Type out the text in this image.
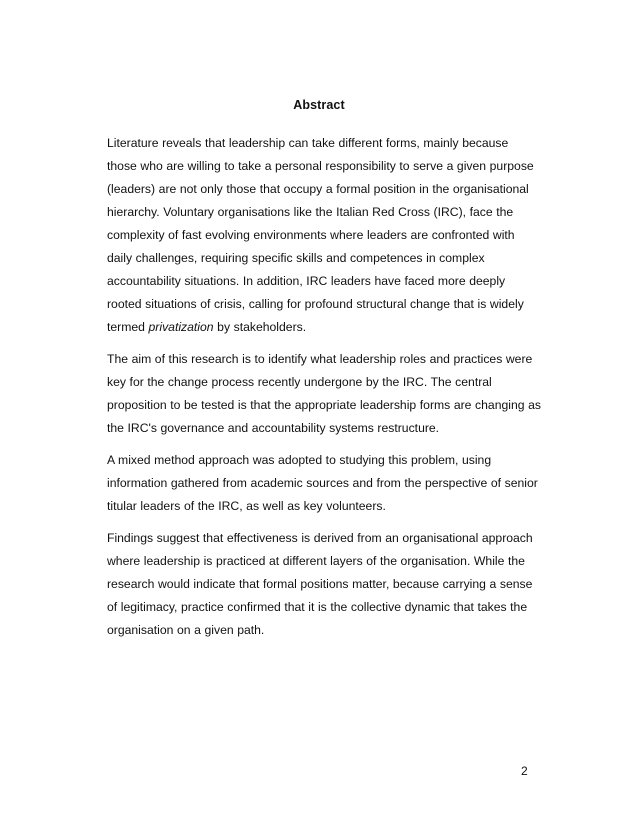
Abstract

Literature reveals that leadership can take different forms, mainly because
those who are willing to take a personal responsibility to serve a given purpose
(leaders) are not only those that occupy a formal position in the organisational
hierarchy. Voluntary organisations like the Italian Red Cross (IRC), face the
complexity of fast evolving environments where leaders are confronted with
daily challenges, requiring specific skills and competences in complex
accountability situations. In addition, IRC leaders have faced more deeply
rooted situations of crisis, calling for profound structural change that is widely
termed privatization by stakeholders.

The aim of this research is to identify what leadership roles and practices were
key for the change process recently undergone by the IRC. The central
proposition to be tested is that the appropriate leadership forms are changing as
the IRC's governance and accountability systems restructure.

A mixed method approach was adopted to studying this problem, using
information gathered from academic sources and from the perspective of senior
titular leaders of the IRC, as well as key volunteers.

Findings suggest that effectiveness is derived from an organisational approach
where leadership is practiced at different layers of the organisation. While the
research would indicate that formal positions matter, because carrying a sense
of legitimacy, practice confirmed that it is the collective dynamic that takes the
organisation on a given path.

2
